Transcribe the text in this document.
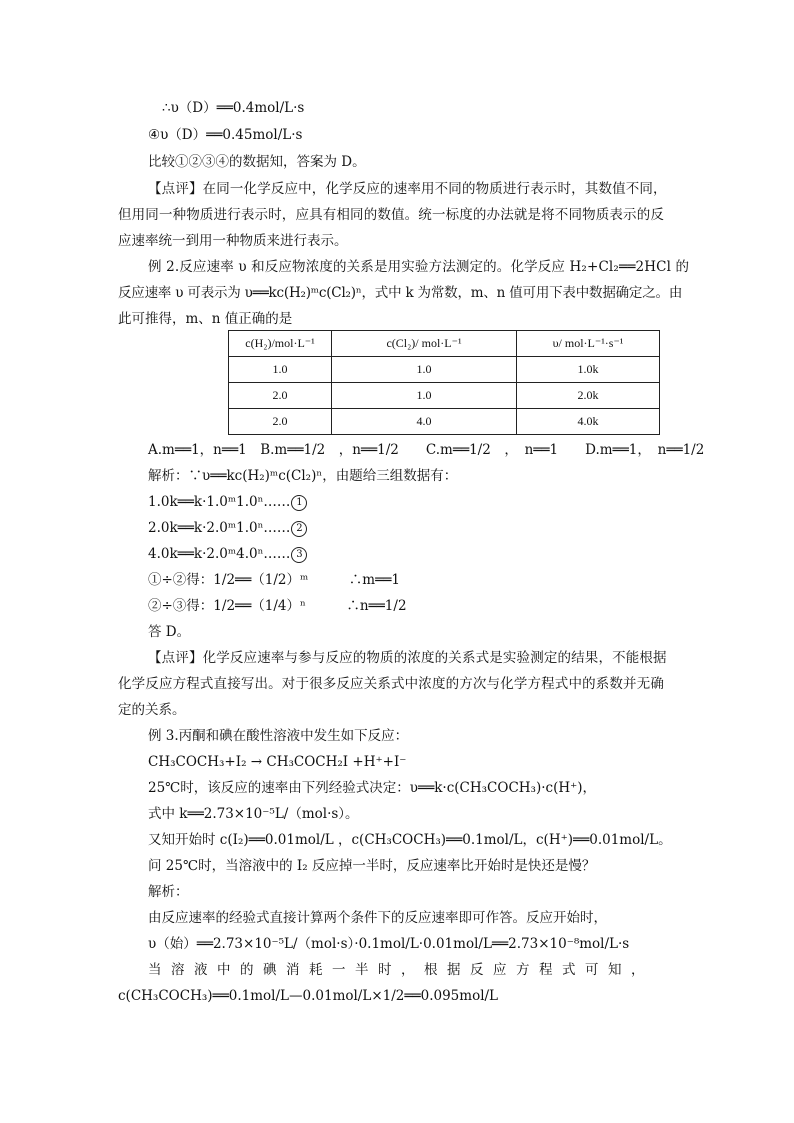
∴υ（D）══0.4mol/L·s
④υ（D）══0.45mol/L·s
比较①②③④的数据知，答案为 D。
【点评】在同一化学反应中，化学反应的速率用不同的物质进行表示时，其数值不同，
但用同一种物质进行表示时，应具有相同的数值。统一标度的办法就是将不同物质表示的反
应速率统一到用一种物质来进行表示。
例 2.反应速率 υ 和反应物浓度的关系是用实验方法测定的。化学反应 H₂+Cl₂══2HCl 的
反应速率 υ 可表示为 υ══kc(H₂)ᵐc(Cl₂)ⁿ，式中 k 为常数，m、n 值可用下表中数据确定之。由
此可推得，m、n 值正确的是
c(H₂)/mol·L⁻¹	c(Cl₂)/ mol·L⁻¹	υ/ mol·L⁻¹·s⁻¹
1.0	1.0	1.0k
2.0	1.0	2.0k
2.0	4.0	4.0k
A.m══1，n══1　B.m══1/2　，n══1/2　　C.m══1/2　，　n══1　　D.m══1，　n══1/2
解析：∵υ══kc(H₂)ᵐc(Cl₂)ⁿ，由题给三组数据有：
1.0k══k·1.0ᵐ1.0ⁿ…… 1
2.0k══k·2.0ᵐ1.0ⁿ…… 2
4.0k══k·2.0ᵐ4.0ⁿ…… 3
①÷②得：1/2══（1/2）ᵐ　　　∴m══1
②÷③得：1/2══（1/4）ⁿ　　　∴n══1/2
答 D。
【点评】化学反应速率与参与反应的物质的浓度的关系式是实验测定的结果，不能根据
化学反应方程式直接写出。对于很多反应关系式中浓度的方次与化学方程式中的系数并无确
定的关系。
例 3.丙酮和碘在酸性溶液中发生如下反应：
CH₃COCH₃+I₂ → CH₃COCH₂I +H⁺+I⁻
25℃时，该反应的速率由下列经验式决定：υ══k·c(CH₃COCH₃)·c(H⁺)，
式中 k══2.73×10⁻⁵L/（mol·s）。
又知开始时 c(I₂)══0.01mol/L ，c(CH₃COCH₃)══0.1mol/L，c(H⁺)══0.01mol/L。
问 25℃时，当溶液中的 I₂ 反应掉一半时，反应速率比开始时是快还是慢？
解析：
由反应速率的经验式直接计算两个条件下的反应速率即可作答。反应开始时，
υ（始）══2.73×10⁻⁵L/（mol·s）·0.1mol/L·0.01mol/L══2.73×10⁻⁸mol/L·s
当溶液中的碘消耗一半时，根据反应方程式可知，
c(CH₃COCH₃)══0.1mol/L—0.01mol/L×1/2══0.095mol/L
